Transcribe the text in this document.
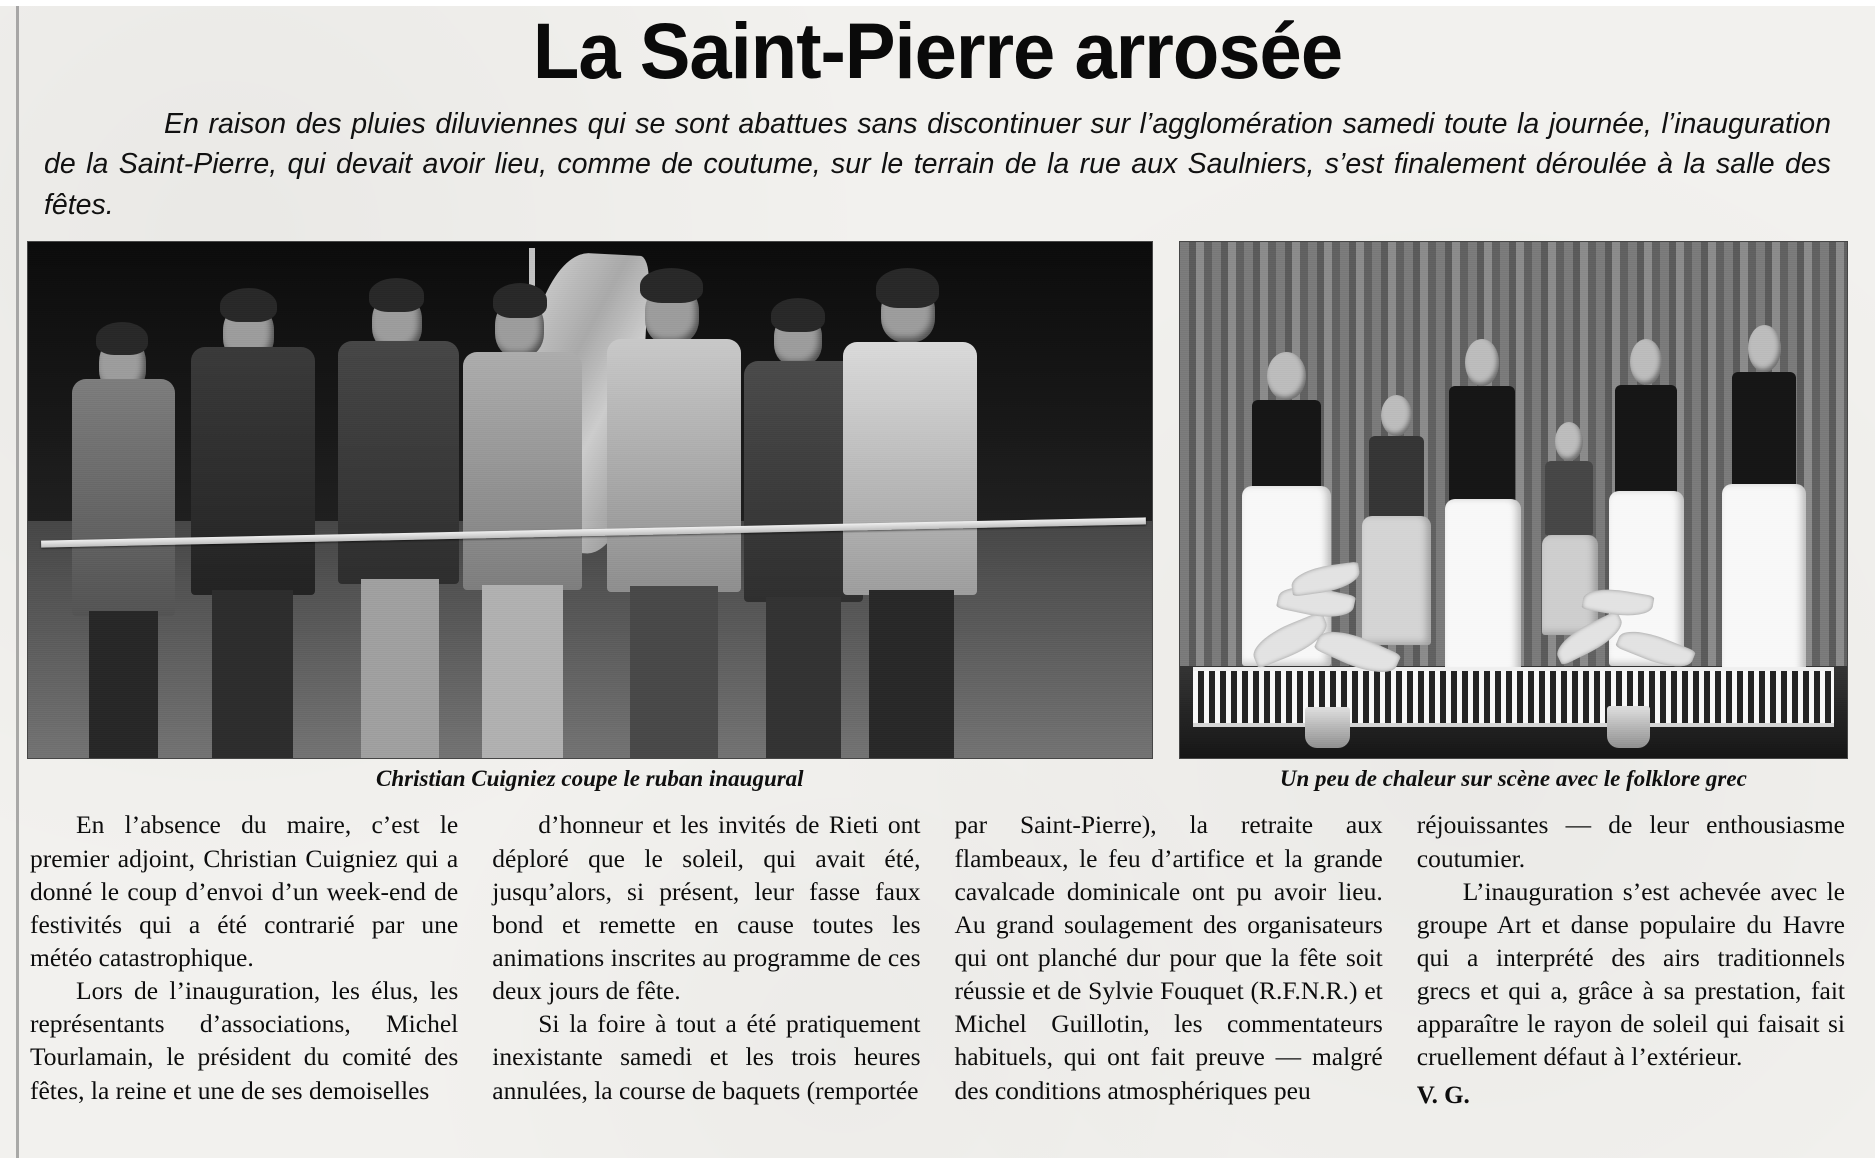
La Saint-Pierre arrosée
En raison des pluies diluviennes qui se sont abattues sans discontinuer sur l’agglomération samedi toute la journée, l’inauguration de la Saint-Pierre, qui devait avoir lieu, comme de coutume, sur le terrain de la rue aux Saulniers, s’est finalement déroulée à la salle des fêtes.
Christian Cuigniez coupe le ruban inaugural	Un peu de chaleur sur scène avec le folklore grec

En l’absence du maire, c’est le premier adjoint, Christian Cuigniez qui a donné le coup d’envoi d’un week-end de festivités qui a été contrarié par une météo catastrophique.

Lors de l’inauguration, les élus, les représentants d’associations, Michel Tourlamain, le président du comité des fêtes, la reine et une de ses demoiselles

d’honneur et les invités de Rieti ont déploré que le soleil, qui avait été, jusqu’alors, si présent, leur fasse faux bond et remette en cause toutes les animations inscrites au programme de ces deux jours de fête.

Si la foire à tout a été pratiquement inexistante samedi et les trois heures annulées, la course de baquets (remportée

par Saint-Pierre), la retraite aux flambeaux, le feu d’artifice et la grande cavalcade dominicale ont pu avoir lieu. Au grand soulagement des organisateurs qui ont planché dur pour que la fête soit réussie et de Sylvie Fouquet (R.F.N.R.) et Michel Guillotin, les commentateurs habituels, qui ont fait preuve — malgré des conditions atmosphériques peu

réjouissantes — de leur enthousiasme coutumier.

L’inauguration s’est achevée avec le groupe Art et danse populaire du Havre qui a interprété des airs traditionnels grecs et qui a, grâce à sa prestation, fait apparaître le rayon de soleil qui faisait si cruellement défaut à l’extérieur.

V. G.
